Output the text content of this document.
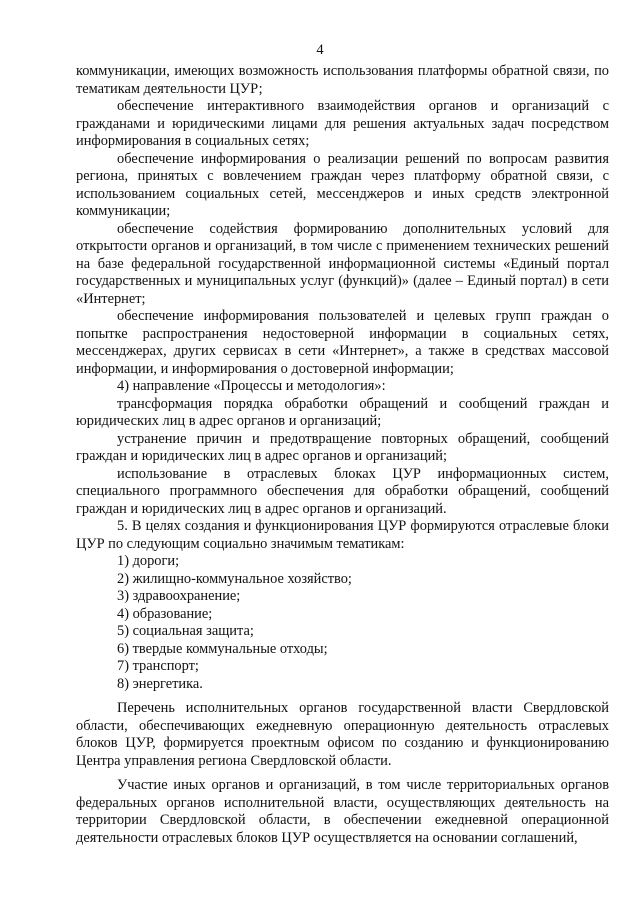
4

коммуникации, имеющих возможность использования платформы обратной связи, по тематикам деятельности ЦУР;

обеспечение интерактивного взаимодействия органов и организаций с гражданами и юридическими лицами для решения актуальных задач посредством информирования в социальных сетях;

обеспечение информирования о реализации решений по вопросам развития региона, принятых с вовлечением граждан через платформу обратной связи, с использованием социальных сетей, мессенджеров и иных средств электронной коммуникации;

обеспечение содействия формированию дополнительных условий для открытости органов и организаций, в том числе с применением технических решений на базе федеральной государственной информационной системы «Единый портал государственных и муниципальных услуг (функций)» (далее – Единый портал) в сети «Интернет;

обеспечение информирования пользователей и целевых групп граждан о попытке распространения недостоверной информации в социальных сетях, мессенджерах, других сервисах в сети «Интернет», а также в средствах массовой информации, и информирования о достоверной информации;

4) направление «Процессы и методология»:

трансформация порядка обработки обращений и сообщений граждан и юридических лиц в адрес органов и организаций;

устранение причин и предотвращение повторных обращений, сообщений граждан и юридических лиц в адрес органов и организаций;

использование в отраслевых блоках ЦУР информационных систем, специального программного обеспечения для обработки обращений, сообщений граждан и юридических лиц в адрес органов и организаций.

5. В целях создания и функционирования ЦУР формируются отраслевые блоки ЦУР по следующим социально значимым тематикам:

1) дороги;

2) жилищно-коммунальное хозяйство;

3) здравоохранение;

4) образование;

5) социальная защита;

6) твердые коммунальные отходы;

7) транспорт;

8) энергетика.

Перечень исполнительных органов государственной власти Свердловской области, обеспечивающих ежедневную операционную деятельность отраслевых блоков ЦУР, формируется проектным офисом по созданию и функционированию Центра управления региона Свердловской области.

Участие иных органов и организаций, в том числе территориальных органов федеральных органов исполнительной власти, осуществляющих деятельность на территории Свердловской области, в обеспечении ежедневной операционной деятельности отраслевых блоков ЦУР осуществляется на основании соглашений,
